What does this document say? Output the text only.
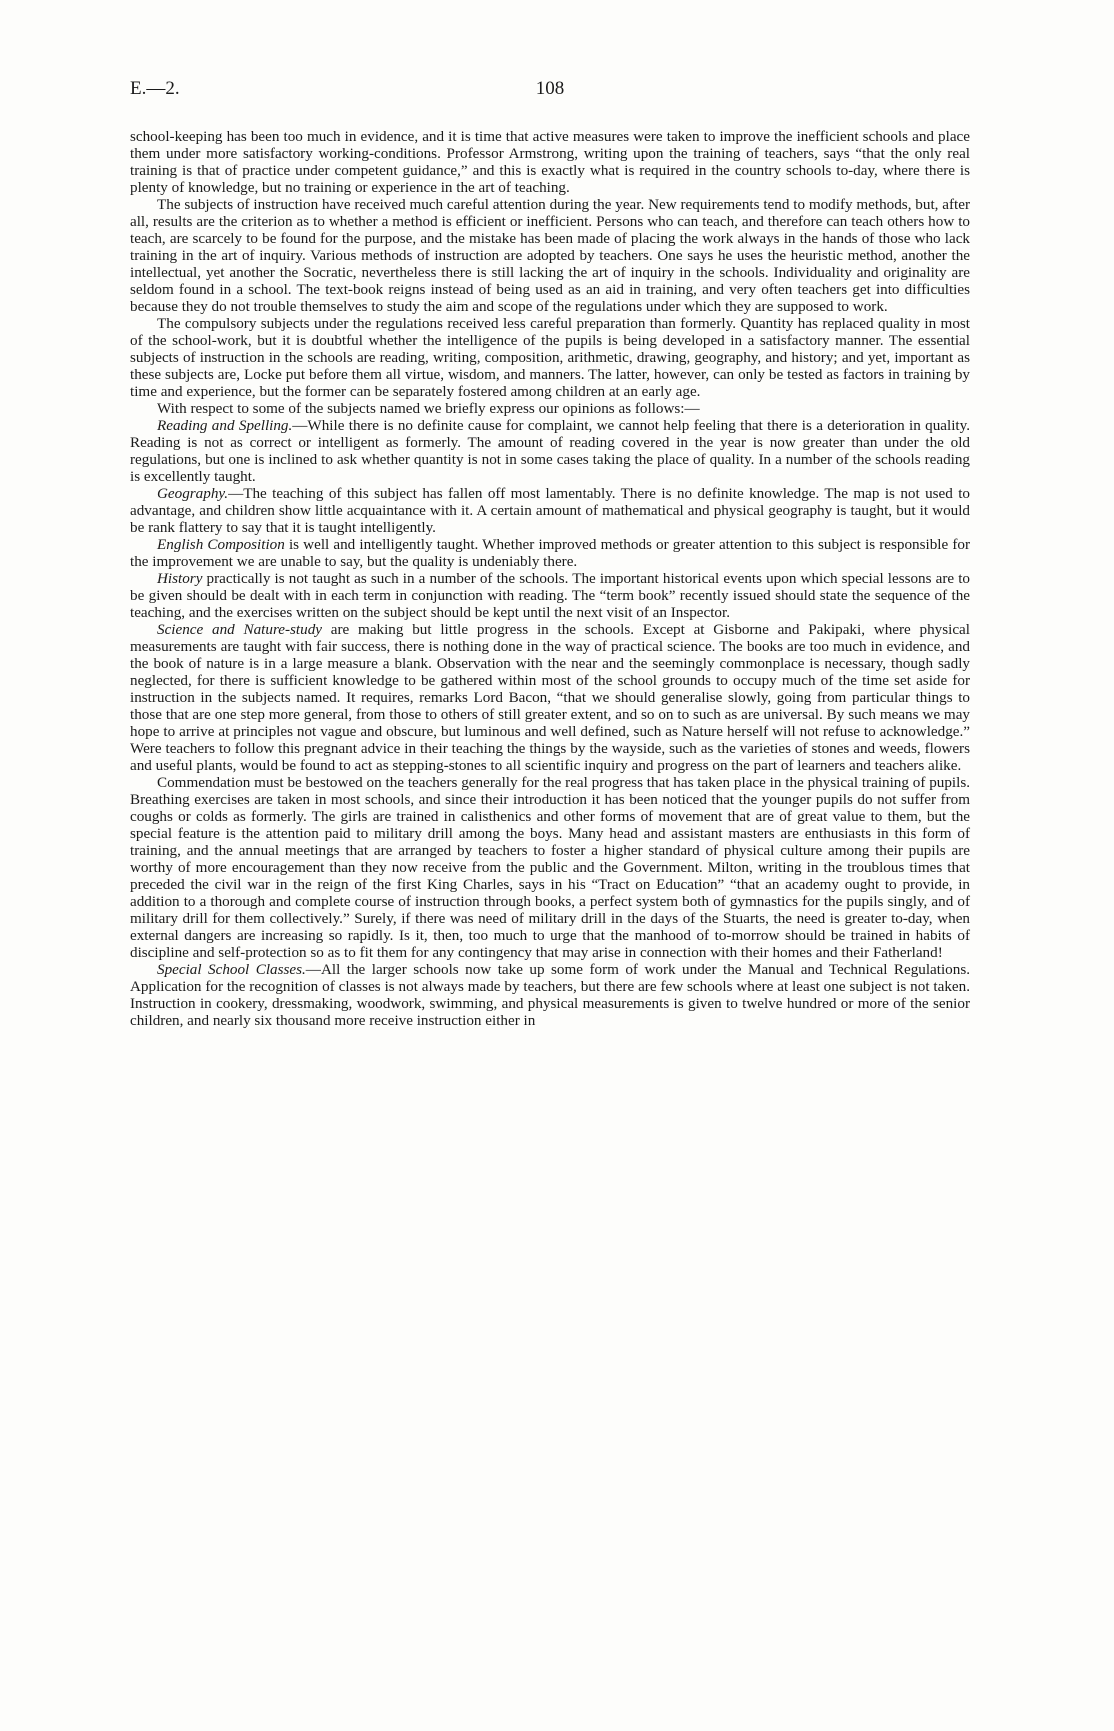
E.—2.	108

school-keeping has been too much in evidence, and it is time that active measures were taken to improve the inefficient schools and place them under more satisfactory working-conditions. Professor Armstrong, writing upon the training of teachers, says “that the only real training is that of practice under competent guidance,” and this is exactly what is required in the country schools to-day, where there is plenty of knowledge, but no training or experience in the art of teaching.

The subjects of instruction have received much careful attention during the year. New requirements tend to modify methods, but, after all, results are the criterion as to whether a method is efficient or inefficient. Persons who can teach, and therefore can teach others how to teach, are scarcely to be found for the purpose, and the mistake has been made of placing the work always in the hands of those who lack training in the art of inquiry. Various methods of instruction are adopted by teachers. One says he uses the heuristic method, another the intellectual, yet another the Socratic, nevertheless there is still lacking the art of inquiry in the schools. Individuality and originality are seldom found in a school. The text-book reigns instead of being used as an aid in training, and very often teachers get into difficulties because they do not trouble themselves to study the aim and scope of the regulations under which they are supposed to work.

The compulsory subjects under the regulations received less careful preparation than formerly. Quantity has replaced quality in most of the school-work, but it is doubtful whether the intelligence of the pupils is being developed in a satisfactory manner. The essential subjects of instruction in the schools are reading, writing, composition, arithmetic, drawing, geography, and history; and yet, important as these subjects are, Locke put before them all virtue, wisdom, and manners. The latter, however, can only be tested as factors in training by time and experience, but the former can be separately fostered among children at an early age.

With respect to some of the subjects named we briefly express our opinions as follows:—

Reading and Spelling.—While there is no definite cause for complaint, we cannot help feeling that there is a deterioration in quality. Reading is not as correct or intelligent as formerly. The amount of reading covered in the year is now greater than under the old regulations, but one is inclined to ask whether quantity is not in some cases taking the place of quality. In a number of the schools reading is excellently taught.

Geography.—The teaching of this subject has fallen off most lamentably. There is no definite knowledge. The map is not used to advantage, and children show little acquaintance with it. A certain amount of mathematical and physical geography is taught, but it would be rank flattery to say that it is taught intelligently.

English Composition is well and intelligently taught. Whether improved methods or greater attention to this subject is responsible for the improvement we are unable to say, but the quality is undeniably there.

History practically is not taught as such in a number of the schools. The important historical events upon which special lessons are to be given should be dealt with in each term in conjunction with reading. The “term book” recently issued should state the sequence of the teaching, and the exercises written on the subject should be kept until the next visit of an Inspector.

Science and Nature-study are making but little progress in the schools. Except at Gisborne and Pakipaki, where physical measurements are taught with fair success, there is nothing done in the way of practical science. The books are too much in evidence, and the book of nature is in a large measure a blank. Observation with the near and the seemingly commonplace is necessary, though sadly neglected, for there is sufficient knowledge to be gathered within most of the school grounds to occupy much of the time set aside for instruction in the subjects named. It requires, remarks Lord Bacon, “that we should generalise slowly, going from particular things to those that are one step more general, from those to others of still greater extent, and so on to such as are universal. By such means we may hope to arrive at principles not vague and obscure, but luminous and well defined, such as Nature herself will not refuse to acknowledge.” Were teachers to follow this pregnant advice in their teaching the things by the wayside, such as the varieties of stones and weeds, flowers and useful plants, would be found to act as stepping-stones to all scientific inquiry and progress on the part of learners and teachers alike.

Commendation must be bestowed on the teachers generally for the real progress that has taken place in the physical training of pupils. Breathing exercises are taken in most schools, and since their introduction it has been noticed that the younger pupils do not suffer from coughs or colds as formerly. The girls are trained in calisthenics and other forms of movement that are of great value to them, but the special feature is the attention paid to military drill among the boys. Many head and assistant masters are enthusiasts in this form of training, and the annual meetings that are arranged by teachers to foster a higher standard of physical culture among their pupils are worthy of more encouragement than they now receive from the public and the Government. Milton, writing in the troublous times that preceded the civil war in the reign of the first King Charles, says in his “Tract on Education” “that an academy ought to provide, in addition to a thorough and complete course of instruction through books, a perfect system both of gymnastics for the pupils singly, and of military drill for them collectively.” Surely, if there was need of military drill in the days of the Stuarts, the need is greater to-day, when external dangers are increasing so rapidly. Is it, then, too much to urge that the manhood of to-morrow should be trained in habits of discipline and self-protection so as to fit them for any contingency that may arise in connection with their homes and their Fatherland!

Special School Classes.—All the larger schools now take up some form of work under the Manual and Technical Regulations. Application for the recognition of classes is not always made by teachers, but there are few schools where at least one subject is not taken. Instruction in cookery, dressmaking, woodwork, swimming, and physical measurements is given to twelve hundred or more of the senior children, and nearly six thousand more receive instruction either in
